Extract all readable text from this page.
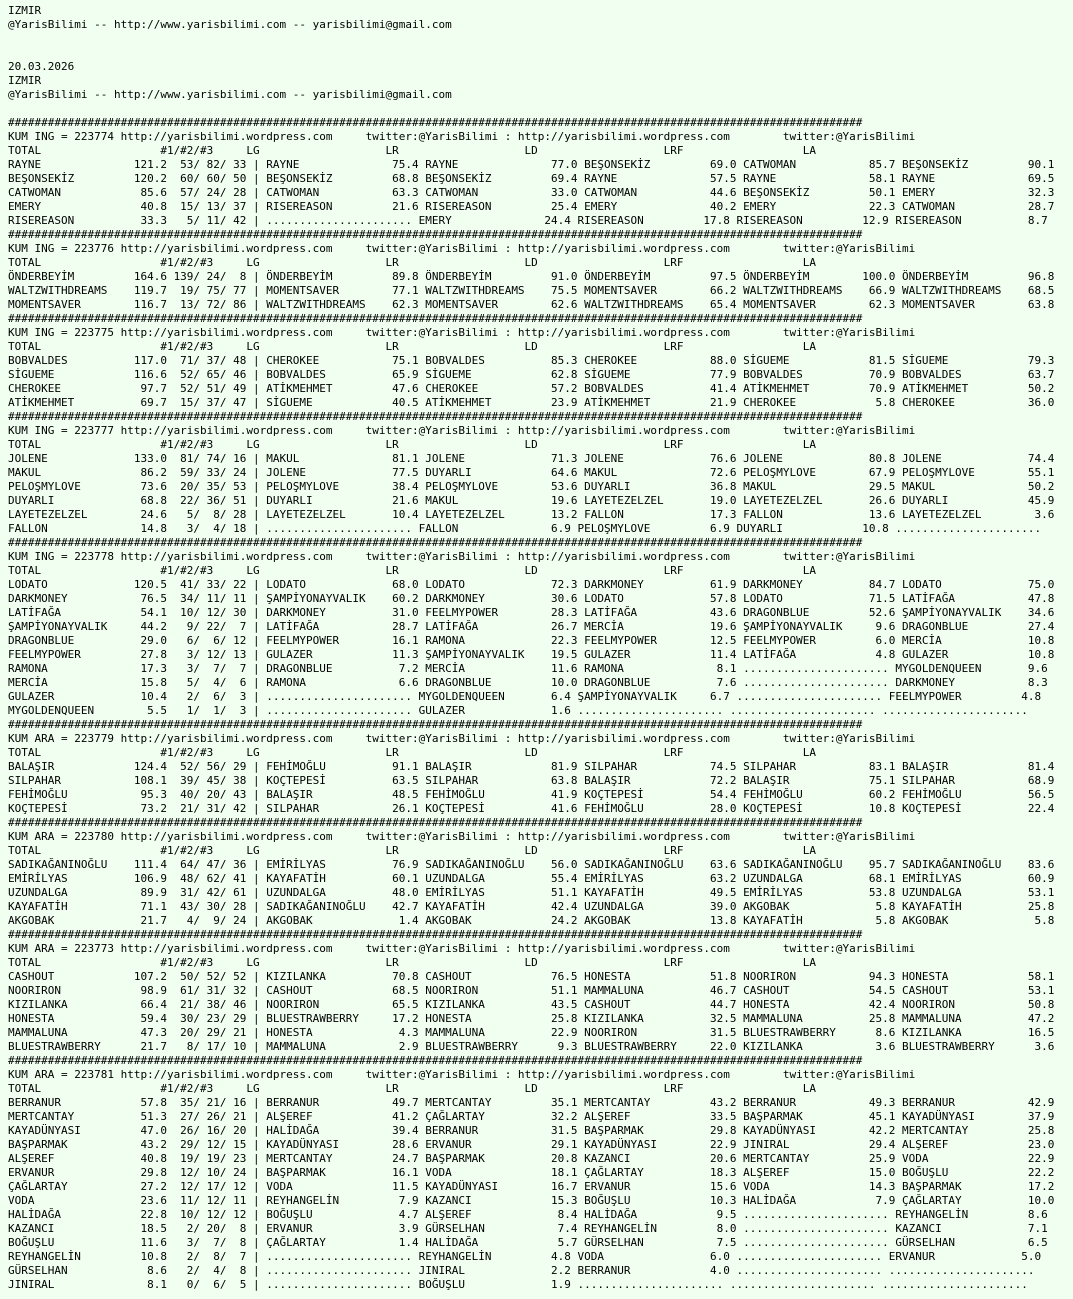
IZMIR
@YarisBilimi -- http://www.yarisbilimi.com -- yarisbilimi@gmail.com
20.03.2026
IZMIR
@YarisBilimi -- http://www.yarisbilimi.com -- yarisbilimi@gmail.com
#################################################################################################################################
KUM ING = 223774 http://yarisbilimi.wordpress.com     twitter:@YarisBilimi : http://yarisbilimi.wordpress.com        twitter:@YarisBilimi
TOTAL                  #1/#2/#3     LG                   LR                   LD                   LRF                  LA
RAYNE              121.2  53/ 82/ 33 | RAYNE              75.4 RAYNE              77.0 BEŞONSEKİZ         69.0 CATWOMAN           85.7 BEŞONSEKİZ         90.1
BEŞONSEKİZ         120.2  60/ 60/ 50 | BEŞONSEKİZ         68.8 BEŞONSEKİZ         69.4 RAYNE              57.5 RAYNE              58.1 RAYNE              69.5
CATWOMAN            85.6  57/ 24/ 28 | CATWOMAN           63.3 CATWOMAN           33.0 CATWOMAN           44.6 BEŞONSEKİZ         50.1 EMERY              32.3
EMERY               40.8  15/ 13/ 37 | RISEREASON         21.6 RISEREASON         25.4 EMERY              40.2 EMERY              22.3 CATWOMAN           28.7
RISEREASON          33.3   5/ 11/ 42 | ...................... EMERY              24.4 RISEREASON         17.8 RISEREASON         12.9 RISEREASON          8.7
#################################################################################################################################
KUM ING = 223776 http://yarisbilimi.wordpress.com     twitter:@YarisBilimi : http://yarisbilimi.wordpress.com        twitter:@YarisBilimi
TOTAL                  #1/#2/#3     LG                   LR                   LD                   LRF                  LA
ÖNDERBEYİM         164.6 139/ 24/  8 | ÖNDERBEYİM         89.8 ÖNDERBEYİM         91.0 ÖNDERBEYİM         97.5 ÖNDERBEYİM        100.0 ÖNDERBEYİM         96.8
WALTZWITHDREAMS    119.7  19/ 75/ 77 | MOMENTSAVER        77.1 WALTZWITHDREAMS    75.5 MOMENTSAVER        66.2 WALTZWITHDREAMS    66.9 WALTZWITHDREAMS    68.5
MOMENTSAVER        116.7  13/ 72/ 86 | WALTZWITHDREAMS    62.3 MOMENTSAVER        62.6 WALTZWITHDREAMS    65.4 MOMENTSAVER        62.3 MOMENTSAVER        63.8
#################################################################################################################################
KUM ING = 223775 http://yarisbilimi.wordpress.com     twitter:@YarisBilimi : http://yarisbilimi.wordpress.com        twitter:@YarisBilimi
TOTAL                  #1/#2/#3     LG                   LR                   LD                   LRF                  LA
BOBVALDES          117.0  71/ 37/ 48 | CHEROKEE           75.1 BOBVALDES          85.3 CHEROKEE           88.0 SİGUEME            81.5 SİGUEME            79.3
SİGUEME            116.6  52/ 65/ 46 | BOBVALDES          65.9 SİGUEME            62.8 SİGUEME            77.9 BOBVALDES          70.9 BOBVALDES          63.7
CHEROKEE            97.7  52/ 51/ 49 | ATİKMEHMET         47.6 CHEROKEE           57.2 BOBVALDES          41.4 ATİKMEHMET         70.9 ATİKMEHMET         50.2
ATİKMEHMET          69.7  15/ 37/ 47 | SİGUEME            40.5 ATİKMEHMET         23.9 ATİKMEHMET         21.9 CHEROKEE            5.8 CHEROKEE           36.0
#################################################################################################################################
KUM ING = 223777 http://yarisbilimi.wordpress.com     twitter:@YarisBilimi : http://yarisbilimi.wordpress.com        twitter:@YarisBilimi
TOTAL                  #1/#2/#3     LG                   LR                   LD                   LRF                  LA
JOLENE             133.0  81/ 74/ 16 | MAKUL              81.1 JOLENE             71.3 JOLENE             76.6 JOLENE             80.8 JOLENE             74.4
MAKUL               86.2  59/ 33/ 24 | JOLENE             77.5 DUYARLI            64.6 MAKUL              72.6 PELOŞMYLOVE        67.9 PELOŞMYLOVE        55.1
PELOŞMYLOVE         73.6  20/ 35/ 53 | PELOŞMYLOVE        38.4 PELOŞMYLOVE        53.6 DUYARLI            36.8 MAKUL              29.5 MAKUL              50.2
DUYARLI             68.8  22/ 36/ 51 | DUYARLI            21.6 MAKUL              19.6 LAYETEZELZEL       19.0 LAYETEZELZEL       26.6 DUYARLI            45.9
LAYETEZELZEL        24.6   5/  8/ 28 | LAYETEZELZEL       10.4 LAYETEZELZEL       13.2 FALLON             17.3 FALLON             13.6 LAYETEZELZEL        3.6
FALLON              14.8   3/  4/ 18 | ...................... FALLON              6.9 PELOŞMYLOVE         6.9 DUYARLI            10.8 ......................
#################################################################################################################################
KUM ING = 223778 http://yarisbilimi.wordpress.com     twitter:@YarisBilimi : http://yarisbilimi.wordpress.com        twitter:@YarisBilimi
TOTAL                  #1/#2/#3     LG                   LR                   LD                   LRF                  LA
LODATO             120.5  41/ 33/ 22 | LODATO             68.0 LODATO             72.3 DARKMONEY          61.9 DARKMONEY          84.7 LODATO             75.0
DARKMONEY           76.5  34/ 11/ 11 | ŞAMPİYONAYVALIK    60.2 DARKMONEY          30.6 LODATO             57.8 LODATO             71.5 LATİFAĞA           47.8
LATİFAĞA            54.1  10/ 12/ 30 | DARKMONEY          31.0 FEELMYPOWER        28.3 LATİFAĞA           43.6 DRAGONBLUE         52.6 ŞAMPİYONAYVALIK    34.6
ŞAMPİYONAYVALIK     44.2   9/ 22/  7 | LATİFAĞA           28.7 LATİFAĞA           26.7 MERCİA             19.6 ŞAMPİYONAYVALIK     9.6 DRAGONBLUE         27.4
DRAGONBLUE          29.0   6/  6/ 12 | FEELMYPOWER        16.1 RAMONA             22.3 FEELMYPOWER        12.5 FEELMYPOWER         6.0 MERCİA             10.8
FEELMYPOWER         27.8   3/ 12/ 13 | GULAZER            11.3 ŞAMPİYONAYVALIK    19.5 GULAZER            11.4 LATİFAĞA            4.8 GULAZER            10.8
RAMONA              17.3   3/  7/  7 | DRAGONBLUE          7.2 MERCİA             11.6 RAMONA              8.1 ...................... MYGOLDENQUEEN       9.6
MERCİA              15.8   5/  4/  6 | RAMONA              6.6 DRAGONBLUE         10.0 DRAGONBLUE          7.6 ...................... DARKMONEY           8.3
GULAZER             10.4   2/  6/  3 | ...................... MYGOLDENQUEEN       6.4 ŞAMPİYONAYVALIK     6.7 ...................... FEELMYPOWER         4.8
MYGOLDENQUEEN        5.5   1/  1/  3 | ...................... GULAZER             1.6 ...................... ...................... ......................
#################################################################################################################################
KUM ARA = 223779 http://yarisbilimi.wordpress.com     twitter:@YarisBilimi : http://yarisbilimi.wordpress.com        twitter:@YarisBilimi
TOTAL                  #1/#2/#3     LG                   LR                   LD                   LRF                  LA
BALAŞIR            124.4  52/ 56/ 29 | FEHİMOĞLU          91.1 BALAŞIR            81.9 SILPAHAR           74.5 SILPAHAR           83.1 BALAŞIR            81.4
SILPAHAR           108.1  39/ 45/ 38 | KOÇTEPESİ          63.5 SILPAHAR           63.8 BALAŞIR            72.2 BALAŞIR            75.1 SILPAHAR           68.9
FEHİMOĞLU           95.3  40/ 20/ 43 | BALAŞIR            48.5 FEHİMOĞLU          41.9 KOÇTEPESİ          54.4 FEHİMOĞLU          60.2 FEHİMOĞLU          56.5
KOÇTEPESİ           73.2  21/ 31/ 42 | SILPAHAR           26.1 KOÇTEPESİ          41.6 FEHİMOĞLU          28.0 KOÇTEPESİ          10.8 KOÇTEPESİ          22.4
#################################################################################################################################
KUM ARA = 223780 http://yarisbilimi.wordpress.com     twitter:@YarisBilimi : http://yarisbilimi.wordpress.com        twitter:@YarisBilimi
TOTAL                  #1/#2/#3     LG                   LR                   LD                   LRF                  LA
SADIKAĞANINOĞLU    111.4  64/ 47/ 36 | EMİRİLYAS          76.9 SADIKAĞANINOĞLU    56.0 SADIKAĞANINOĞLU    63.6 SADIKAĞANINOĞLU    95.7 SADIKAĞANINOĞLU    83.6
EMİRİLYAS          106.9  48/ 62/ 41 | KAYAFATİH          60.1 UZUNDALGA          55.4 EMİRİLYAS          63.2 UZUNDALGA          68.1 EMİRİLYAS          60.9
UZUNDALGA           89.9  31/ 42/ 61 | UZUNDALGA          48.0 EMİRİLYAS          51.1 KAYAFATİH          49.5 EMİRİLYAS          53.8 UZUNDALGA          53.1
KAYAFATİH           71.1  43/ 30/ 28 | SADIKAĞANINOĞLU    42.7 KAYAFATİH          42.4 UZUNDALGA          39.0 AKGOBAK             5.8 KAYAFATİH          25.8
AKGOBAK             21.7   4/  9/ 24 | AKGOBAK             1.4 AKGOBAK            24.2 AKGOBAK            13.8 KAYAFATİH           5.8 AKGOBAK             5.8
#################################################################################################################################
KUM ARA = 223773 http://yarisbilimi.wordpress.com     twitter:@YarisBilimi : http://yarisbilimi.wordpress.com        twitter:@YarisBilimi
TOTAL                  #1/#2/#3     LG                   LR                   LD                   LRF                  LA
CASHOUT            107.2  50/ 52/ 52 | KIZILANKA          70.8 CASHOUT            76.5 HONESTA            51.8 NOORIRON           94.3 HONESTA            58.1
NOORIRON            98.9  61/ 31/ 32 | CASHOUT            68.5 NOORIRON           51.1 MAMMALUNA          46.7 CASHOUT            54.5 CASHOUT            53.1
KIZILANKA           66.4  21/ 38/ 46 | NOORIRON           65.5 KIZILANKA          43.5 CASHOUT            44.7 HONESTA            42.4 NOORIRON           50.8
HONESTA             59.4  30/ 23/ 29 | BLUESTRAWBERRY     17.2 HONESTA            25.8 KIZILANKA          32.5 MAMMALUNA          25.8 MAMMALUNA          47.2
MAMMALUNA           47.3  20/ 29/ 21 | HONESTA             4.3 MAMMALUNA          22.9 NOORIRON           31.5 BLUESTRAWBERRY      8.6 KIZILANKA          16.5
BLUESTRAWBERRY      21.7   8/ 17/ 10 | MAMMALUNA           2.9 BLUESTRAWBERRY      9.3 BLUESTRAWBERRY     22.0 KIZILANKA           3.6 BLUESTRAWBERRY      3.6
#################################################################################################################################
KUM ARA = 223781 http://yarisbilimi.wordpress.com     twitter:@YarisBilimi : http://yarisbilimi.wordpress.com        twitter:@YarisBilimi
TOTAL                  #1/#2/#3     LG                   LR                   LD                   LRF                  LA
BERRANUR            57.8  35/ 21/ 16 | BERRANUR           49.7 MERTCANTAY         35.1 MERTCANTAY         43.2 BERRANUR           49.3 BERRANUR           42.9
MERTCANTAY          51.3  27/ 26/ 21 | ALŞEREF            41.2 ÇAĞLARTAY          32.2 ALŞEREF            33.5 BAŞPARMAK          45.1 KAYADÜNYASI        37.9
KAYADÜNYASI         47.0  26/ 16/ 20 | HALİDAĞA           39.4 BERRANUR           31.5 BAŞPARMAK          29.8 KAYADÜNYASI        42.2 MERTCANTAY         25.8
BAŞPARMAK           43.2  29/ 12/ 15 | KAYADÜNYASI        28.6 ERVANUR            29.1 KAYADÜNYASI        22.9 JINIRAL            29.4 ALŞEREF            23.0
ALŞEREF             40.8  19/ 19/ 23 | MERTCANTAY         24.7 BAŞPARMAK          20.8 KAZANCI            20.6 MERTCANTAY         25.9 VODA               22.9
ERVANUR             29.8  12/ 10/ 24 | BAŞPARMAK          16.1 VODA               18.1 ÇAĞLARTAY          18.3 ALŞEREF            15.0 BOĞUŞLU            22.2
ÇAĞLARTAY           27.2  12/ 17/ 12 | VODA               11.5 KAYADÜNYASI        16.7 ERVANUR            15.6 VODA               14.3 BAŞPARMAK          17.2
VODA                23.6  11/ 12/ 11 | REYHANGELİN         7.9 KAZANCI            15.3 BOĞUŞLU            10.3 HALİDAĞA            7.9 ÇAĞLARTAY          10.0
HALİDAĞA            22.8  10/ 12/ 12 | BOĞUŞLU             4.7 ALŞEREF             8.4 HALİDAĞA            9.5 ...................... REYHANGELİN         8.6
KAZANCI             18.5   2/ 20/  8 | ERVANUR             3.9 GÜRSELHAN           7.4 REYHANGELİN         8.0 ...................... KAZANCI             7.1
BOĞUŞLU             11.6   3/  7/  8 | ÇAĞLARTAY           1.4 HALİDAĞA            5.7 GÜRSELHAN           7.5 ...................... GÜRSELHAN           6.5
REYHANGELİN         10.8   2/  8/  7 | ...................... REYHANGELİN         4.8 VODA                6.0 ...................... ERVANUR             5.0
GÜRSELHAN            8.6   2/  4/  8 | ...................... JINIRAL             2.2 BERRANUR            4.0 ...................... ......................
JINIRAL              8.1   0/  6/  5 | ...................... BOĞUŞLU             1.9 ...................... ...................... ......................
